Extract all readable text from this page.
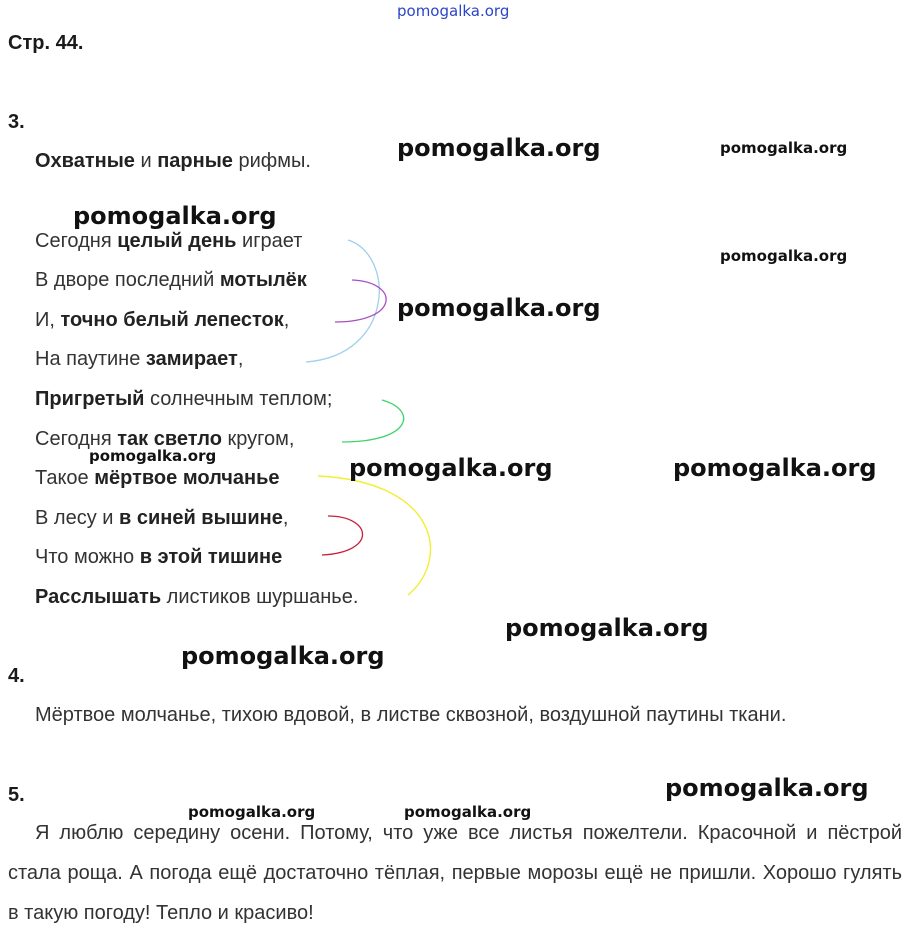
pomogalka.org
Стр. 44.
3.
Охватные и парные рифмы.
Сегодня целый день играет
В дворе последний мотылёк
И, точно белый лепесток,
На паутине замирает,
Пригретый солнечным теплом;
Сегодня так светло кругом,
Такое мёртвое молчанье
В лесу и в синей вышине,
Что можно в этой тишине
Расслышать листиков шуршанье.
4.
Мёртвое молчанье, тихою вдовой, в листве сквозной, воздушной паутины ткани.
5.
Я люблю середину осени. Потому, что уже все листья пожелтели. Красочной и пёстрой стала роща. А погода ещё достаточно тёплая, первые морозы ещё не пришли. Хорошо гулять в такую погоду! Тепло и красиво!
pomogalka.org	pomogalka.org
pomogalka.org
pomogalka.org
pomogalka.org
pomogalka.org	pomogalka.org	pomogalka.org
pomogalka.org
pomogalka.org
pomogalka.org
pomogalka.org	pomogalka.org
